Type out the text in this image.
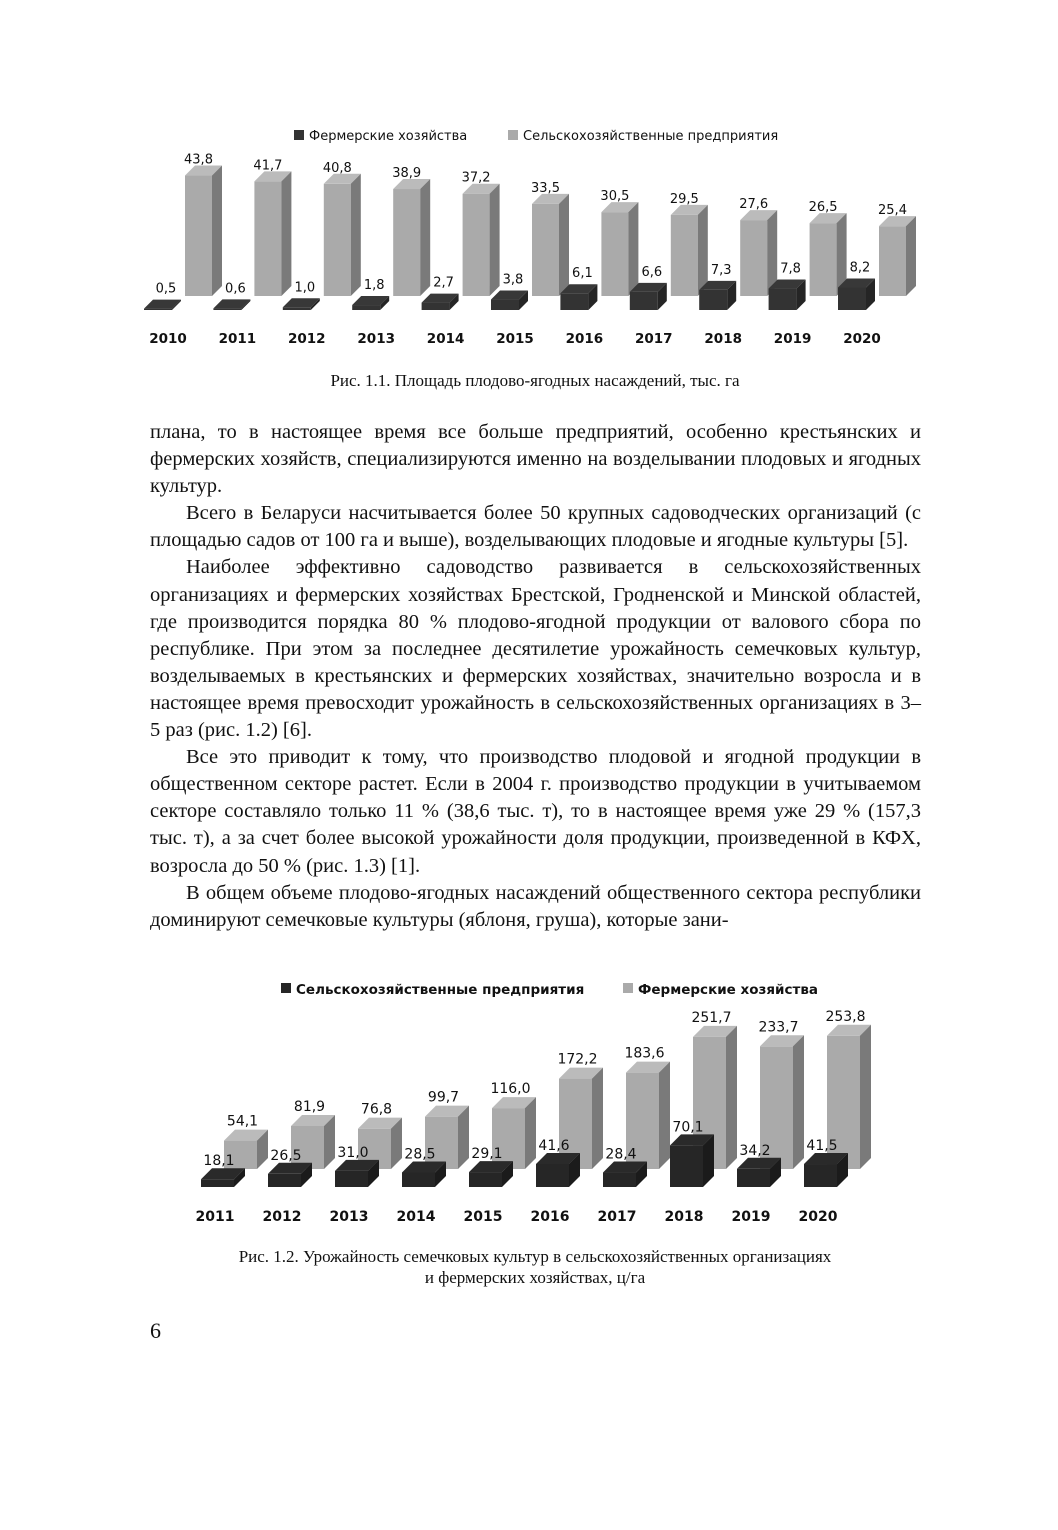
Фермерские хозяйства	Сельскохозяйственные предприятия
0,5
43,8
2010
0,6
41,7
2011
1,0
40,8
2012
1,8
38,9
2013
2,7
37,2
2014
3,8
33,5
2015
6,1
30,5
2016
6,6
29,5
2017
7,3
27,6
2018
7,8
26,5
2019
8,2
25,4
2020
Рис. 1.1. Площадь плодово-ягодных насаждений, тыс. га

плана, то в настоящее время все больше предприятий, особенно крестьянских и фермерских хозяйств, специализируются именно на возделывании плодовых и ягодных культур.

Всего в Беларуси насчитывается более 50 крупных садоводческих организаций (с площадью садов от 100 га и выше), возделывающих плодовые и ягодные культуры [5].

Наиболее эффективно садоводство развивается в сельскохозяйственных организациях и фермерских хозяйствах Брестской, Гродненской и Минской областей, где производится порядка 80 % плодово-ягодной продукции от валового сбора по республике. При этом за последнее десятилетие урожайность семечковых культур, возделываемых в крестьянских и фермерских хозяйствах, значительно возросла и в настоящее время превосходит урожайность в сельскохозяйственных организациях в 3–5 раз (рис. 1.2) [6].

Все это приводит к тому, что производство плодовой и ягодной продукции в общественном секторе растет. Если в 2004 г. производство продукции в учитываемом секторе составляло только 11 % (38,6 тыс. т), то в настоящее время уже 29 % (157,3 тыс. т), а за счет более высокой урожайности доля продукции, произведенной в КФХ, возросла до 50 % (рис. 1.3) [1].

В общем объеме плодово-ягодных насаждений общественного сектора республики доминируют семечковые культуры (яблоня, груша), которые зани-

Сельскохозяйственные предприятия	Фермерские хозяйства
54,1
18,1
2011
81,9
26,5
2012
76,8
31,0
2013
99,7
28,5
2014
116,0
29,1
2015
172,2
41,6
2016
183,6
28,4
2017
251,7
70,1
2018
233,7
34,2
2019
253,8
41,5
2020
Рис. 1.2. Урожайность семечковых культур в сельскохозяйственных организациях
и фермерских хозяйствах, ц/га
6
